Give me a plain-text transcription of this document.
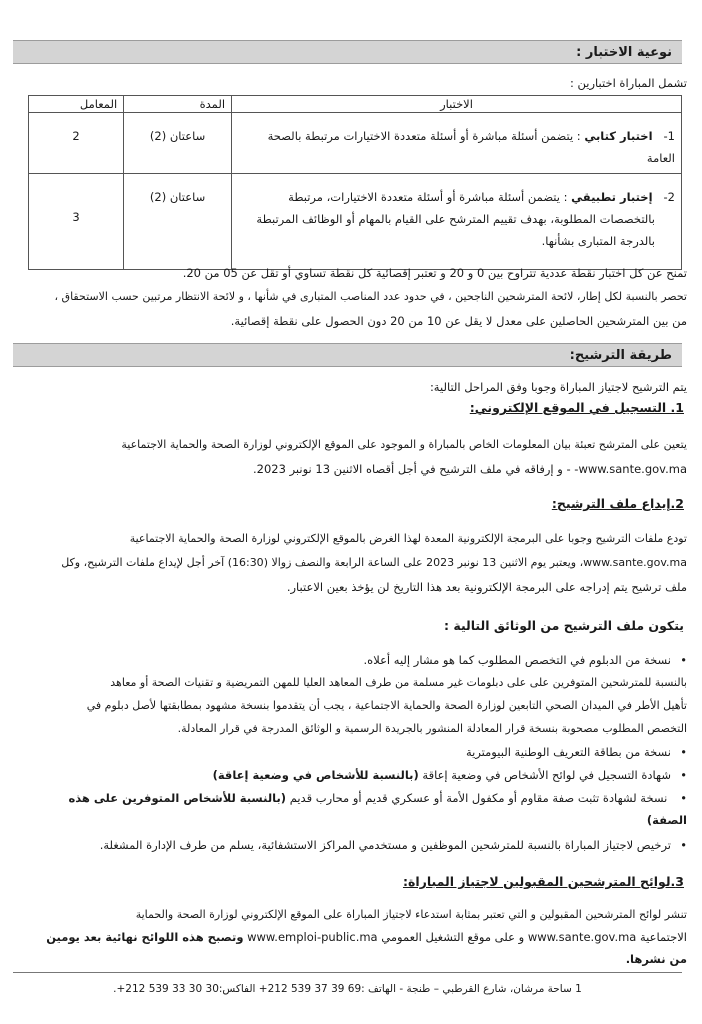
نوعية الاختبار :
تشمل المباراة اختبارين :
الاختبار	المدة	المعامل
1-   اختبار كتابي : يتضمن أسئلة مباشرة أو أسئلة متعددة الاختيارات مرتبطة بالصحة العامة	ساعتان (2)	2

2-   إختبار تطبيقي : يتضمن أسئلة مباشرة أو أسئلة متعددة الاختيارات، مرتبطة
بالتخصصات المطلوبة، بهدف تقييم المترشح على القيام بالمهام أو الوظائف المرتبطة
بالدرجة المتبارى بشأنها.	ساعتان (2)	3
تمنح عن كل اختبار نقطة عددية تتراوح بين 0 و 20 و تعتبر إقصائية كل نقطة تساوي أو تقل عن 05 من 20.
تحصر بالنسبة لكل إطار، لائحة المترشحين الناجحين ، في حدود عدد المناصب المتبارى في شأنها ، و لائحة الانتظار مرتبين حسب الاستحقاق ،
من بين المترشحين الحاصلين على معدل لا يقل عن 10 من 20 دون الحصول على نقطة إقصائية.
طريقة الترشيح:
يتم الترشيح لاجتياز المباراة وجوبا وفق المراحل التالية:
1. التسجيل في الموقع الإلكتروني:
يتعين على المترشح تعبئة بيان المعلومات الخاص بالمباراة و الموجود على الموقع الإلكتروني لوزارة الصحة والحماية الاجتماعية
www.sante.gov.ma- - و إرفاقه في ملف الترشيح في أجل أقصاه الاثنين 13 نونبر 2023.
2.إيداع ملف الترشيح:
تودع ملفات الترشيح وجوبا على البرمجة الإلكترونية المعدة لهذا الغرض بالموقع الإلكتروني لوزارة الصحة والحماية الاجتماعية
www.sante.gov.ma، ويعتبر يوم الاثنين 13 نونبر 2023 على الساعة الرابعة والنصف زوالا (16:30) آخر أجل لإيداع ملفات الترشيح، وكل
ملف ترشيح يتم إدراجه على البرمجة الإلكترونية بعد هذا التاريخ لن يؤخذ بعين الاعتبار.
يتكون ملف الترشيح من الوثائق التالية :
•نسخة من الدبلوم في التخصص المطلوب كما هو مشار إليه أعلاه.
بالنسبة للمترشحين المتوفرين على على دبلومات غير مسلمة من طرف المعاهد العليا للمهن التمريضية و تقنيات الصحة أو معاهد
تأهيل الأطر في الميدان الصحي التابعين لوزارة الصحة والحماية الاجتماعية ، يجب أن يتقدموا بنسخة مشهود بمطابقتها لأصل دبلوم في
التخصص المطلوب مصحوبة بنسخة قرار المعادلة المنشور بالجريدة الرسمية و الوثائق المدرجة في قرار المعادلة.
•نسخة من بطاقة التعريف الوطنية البيومترية
•شهادة التسجيل في لوائح الأشخاص في وضعية إعاقة (بالنسبة للأشخاص في وضعية إعاقة)
• نسخة لشهادة تثبت صفة مقاوم أو مكفول الأمة أو عسكري قديم أو محارب قديم (بالنسبة للأشخاص المتوفرين على هذه
الصفة)
•ترخيص لاجتياز المباراة بالنسبة للمترشحين الموظفين و مستخدمي المراكز الاستشفائية، يسلم من طرف الإدارة المشغلة.
3.لوائح المترشحين المقبولين لاجتياز المباراة:
تنشر لوائح المترشحين المقبولين و التي تعتبر بمثابة استدعاء لاجتياز المباراة على الموقع الإلكتروني لوزارة الصحة والحماية
الاجتماعية www.sante.gov.ma و على موقع التشغيل العمومي www.emploi-public.ma وتصبح هذه اللوائح نهائية بعد يومين
من نشرها.
1 ساحة مرشان، شارع القرطبي – طنجة - الهاتف :69 39 37 539 212+ الفاكس:30 30 33 539 212+.
